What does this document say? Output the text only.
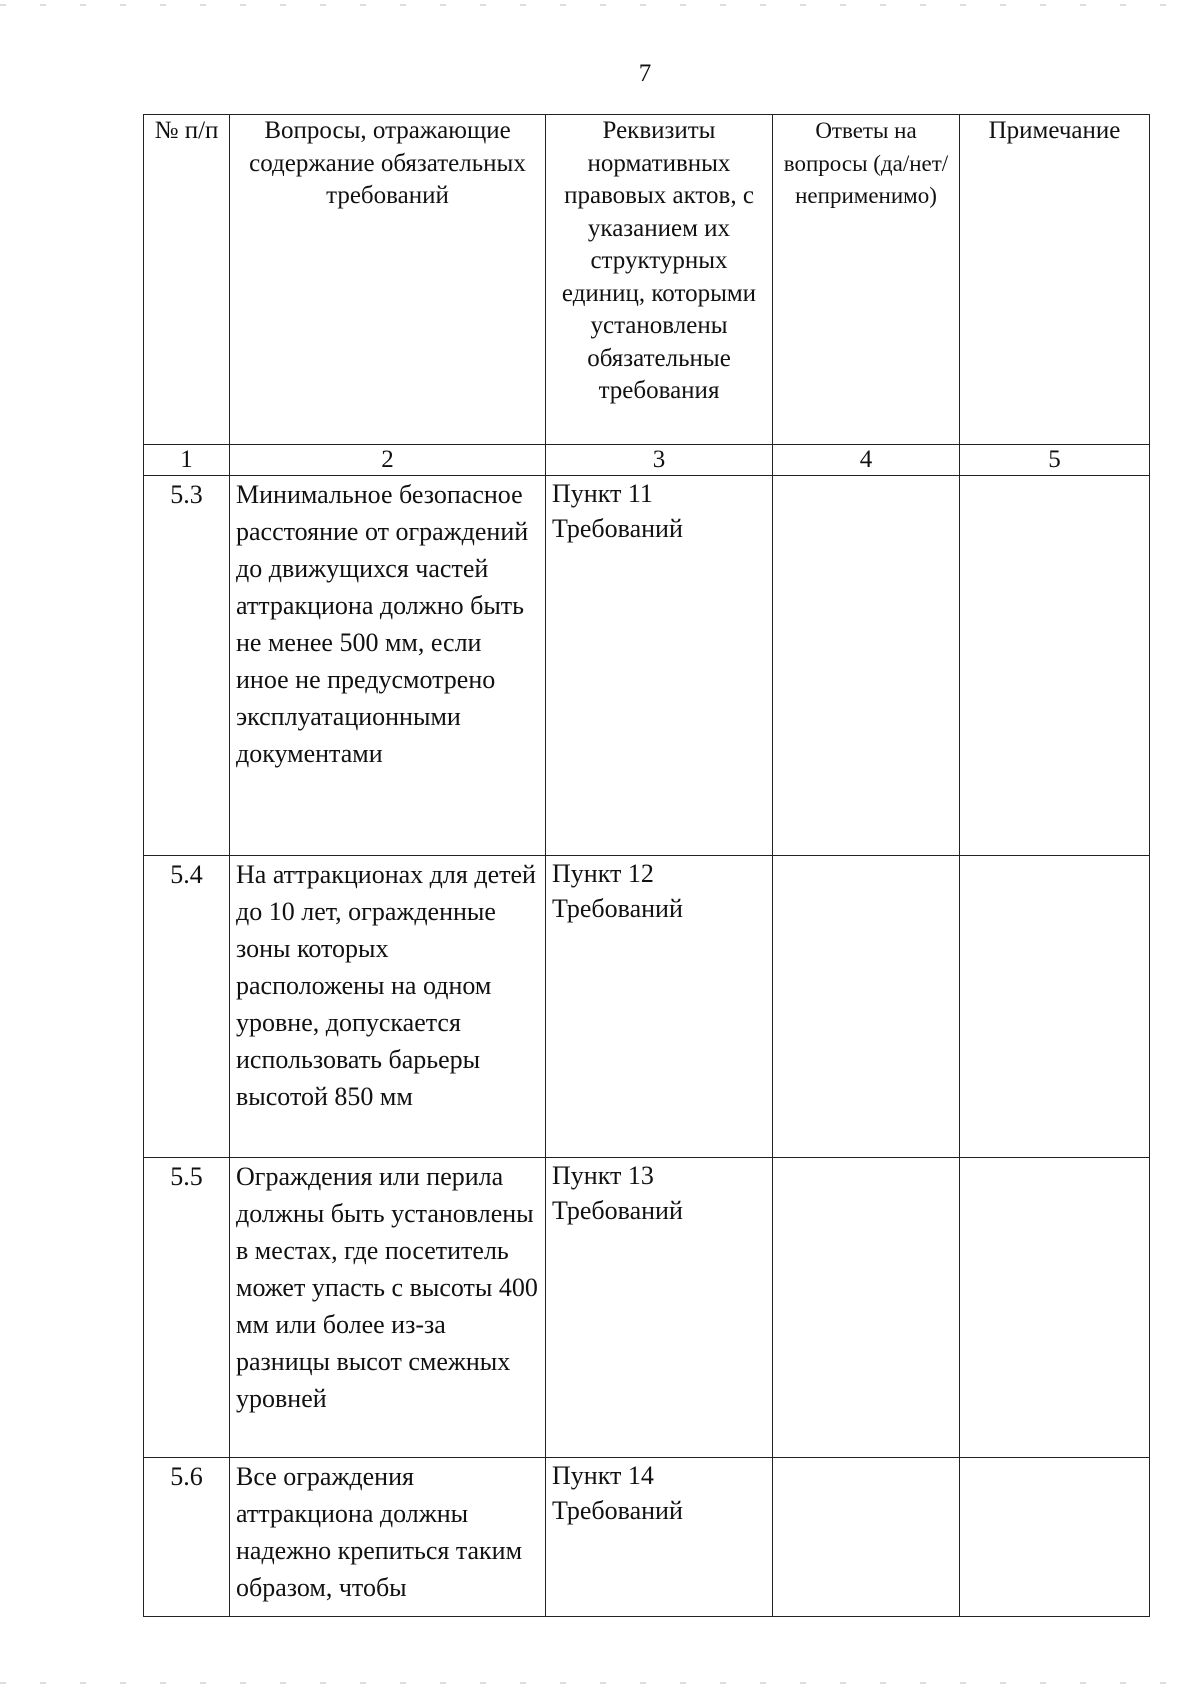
7
№ п/п	Вопросы, отражающие содержание обязательных требований	Реквизиты нормативных правовых актов, с указанием их структурных единиц, которыми установлены обязательные требования	Ответы на вопросы (да/нет/ неприменимо)	Примечание
1	2	3	4	5
5.3	Минимальное безопасное расстояние от ограждений до движущихся частей аттракциона должно быть не менее 500 мм, если иное не предусмотрено эксплуатационными документами	Пункт 11 Требований		
5.4	На аттракционах для детей до 10 лет, огражденные зоны которых расположены на одном уровне, допускается использовать барьеры высотой 850 мм	Пункт 12 Требований		
5.5	Ограждения или перила должны быть установлены в местах, где посетитель может упасть с высоты 400 мм или более из-за разницы высот смежных уровней	Пункт 13 Требований		
5.6	Все ограждения аттракциона должны надежно крепиться таким образом, чтобы	Пункт 14 Требований		
